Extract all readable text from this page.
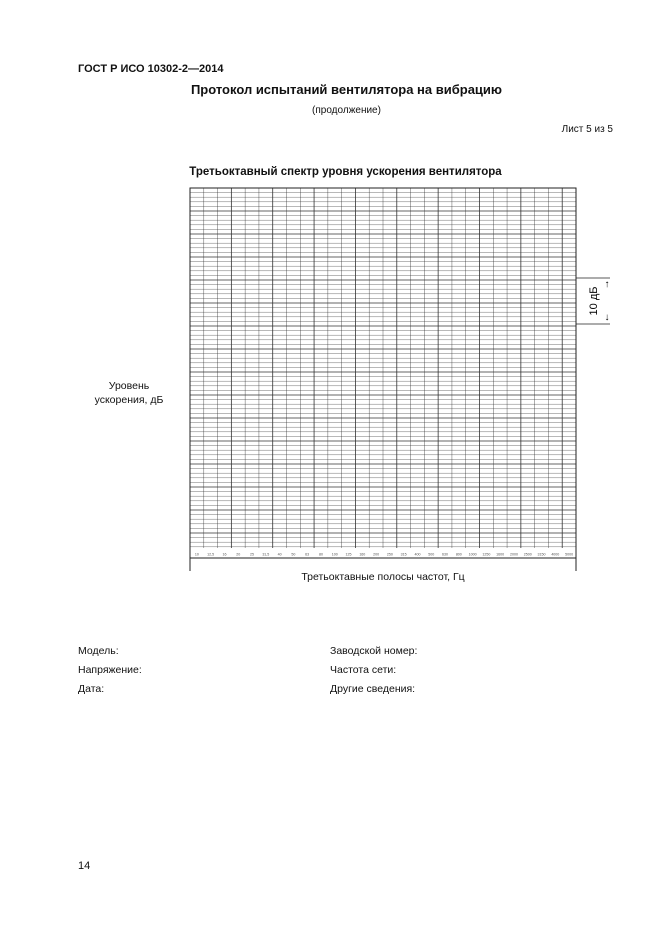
ГОСТ Р ИСО 10302-2—2014
Протокол испытаний вентилятора на вибрацию
(продолжение)
Лист 5 из 5
Третьоктавный спектр уровня ускорения вентилятора
Уровень
ускорения, дБ
10 12,5 16	20	25 31,5 40	50	63	80 100 125 160 200 250 315 400 500 630 800 1000 1250 1600 2000 2500 3150 4000 5000
10 дБ
↑
↓
Третьоктавные полосы частот, Гц
Модель:
Напряжение:
Дата:
Заводской номер:
Частота сети:
Другие сведения:
14
